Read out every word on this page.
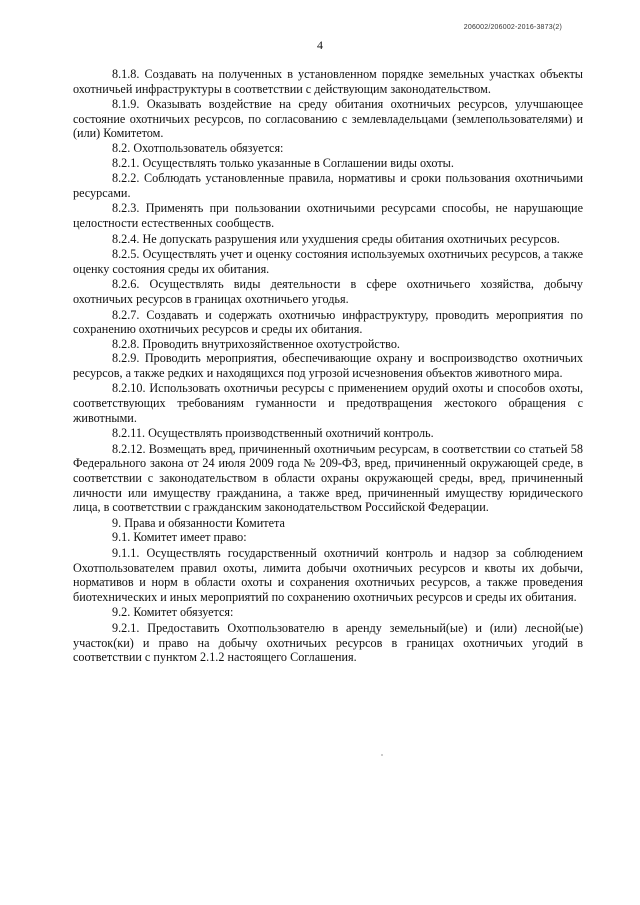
206002/206002-2016-3873(2)
4

8.1.8. Создавать на полученных в установленном порядке земельных участках объекты охотничьей инфраструктуры в соответствии с действующим законодательством.

8.1.9. Оказывать воздействие на среду обитания охотничьих ресурсов, улучшающее состояние охотничьих ресурсов, по согласованию с землевладельцами (землепользователями) и (или) Комитетом.

8.2. Охотпользователь обязуется:

8.2.1. Осуществлять только указанные в Соглашении виды охоты.

8.2.2. Соблюдать установленные правила, нормативы и сроки пользования охотничьими ресурсами.

8.2.3. Применять при пользовании охотничьими ресурсами способы, не нарушающие целостности естественных сообществ.

8.2.4. Не допускать разрушения или ухудшения среды обитания охотничьих ресурсов.

8.2.5. Осуществлять учет и оценку состояния используемых охотничьих ресурсов, а также оценку состояния среды их обитания.

8.2.6. Осуществлять виды деятельности в сфере охотничьего хозяйства, добычу охотничьих ресурсов в границах охотничьего угодья.

8.2.7. Создавать и содержать охотничью инфраструктуру, проводить мероприятия по сохранению охотничьих ресурсов и среды их обитания.

8.2.8. Проводить внутрихозяйственное охотустройство.

8.2.9. Проводить мероприятия, обеспечивающие охрану и воспроизводство охотничьих ресурсов, а также редких и находящихся под угрозой исчезновения объектов животного мира.

8.2.10. Использовать охотничьи ресурсы с применением орудий охоты и способов охоты, соответствующих требованиям гуманности и предотвращения жестокого обращения с животными.

8.2.11. Осуществлять производственный охотничий контроль.

8.2.12. Возмещать вред, причиненный охотничьим ресурсам, в соответствии со статьей 58 Федерального закона от 24 июля 2009 года № 209-ФЗ, вред, причиненный окружающей среде, в соответствии с законодательством в области охраны окружающей среды, вред, причиненный личности или имуществу гражданина, а также вред, причиненный имуществу юридического лица, в соответствии с гражданским законодательством Российской Федерации.

9. Права и обязанности Комитета

9.1. Комитет имеет право:

9.1.1. Осуществлять государственный охотничий контроль и надзор за соблюдением Охотпользователем правил охоты, лимита добычи охотничьих ресурсов и квоты их добычи, нормативов и норм в области охоты и сохранения охотничьих ресурсов, а также проведения биотехнических и иных мероприятий по сохранению охотничьих ресурсов и среды их обитания.

9.2. Комитет обязуется:

9.2.1. Предоставить Охотпользователю в аренду земельный(ые) и (или) лесной(ые) участок(ки) и право на добычу охотничьих ресурсов в границах охотничьих угодий в соответствии с пунктом 2.1.2 настоящего Соглашения.
